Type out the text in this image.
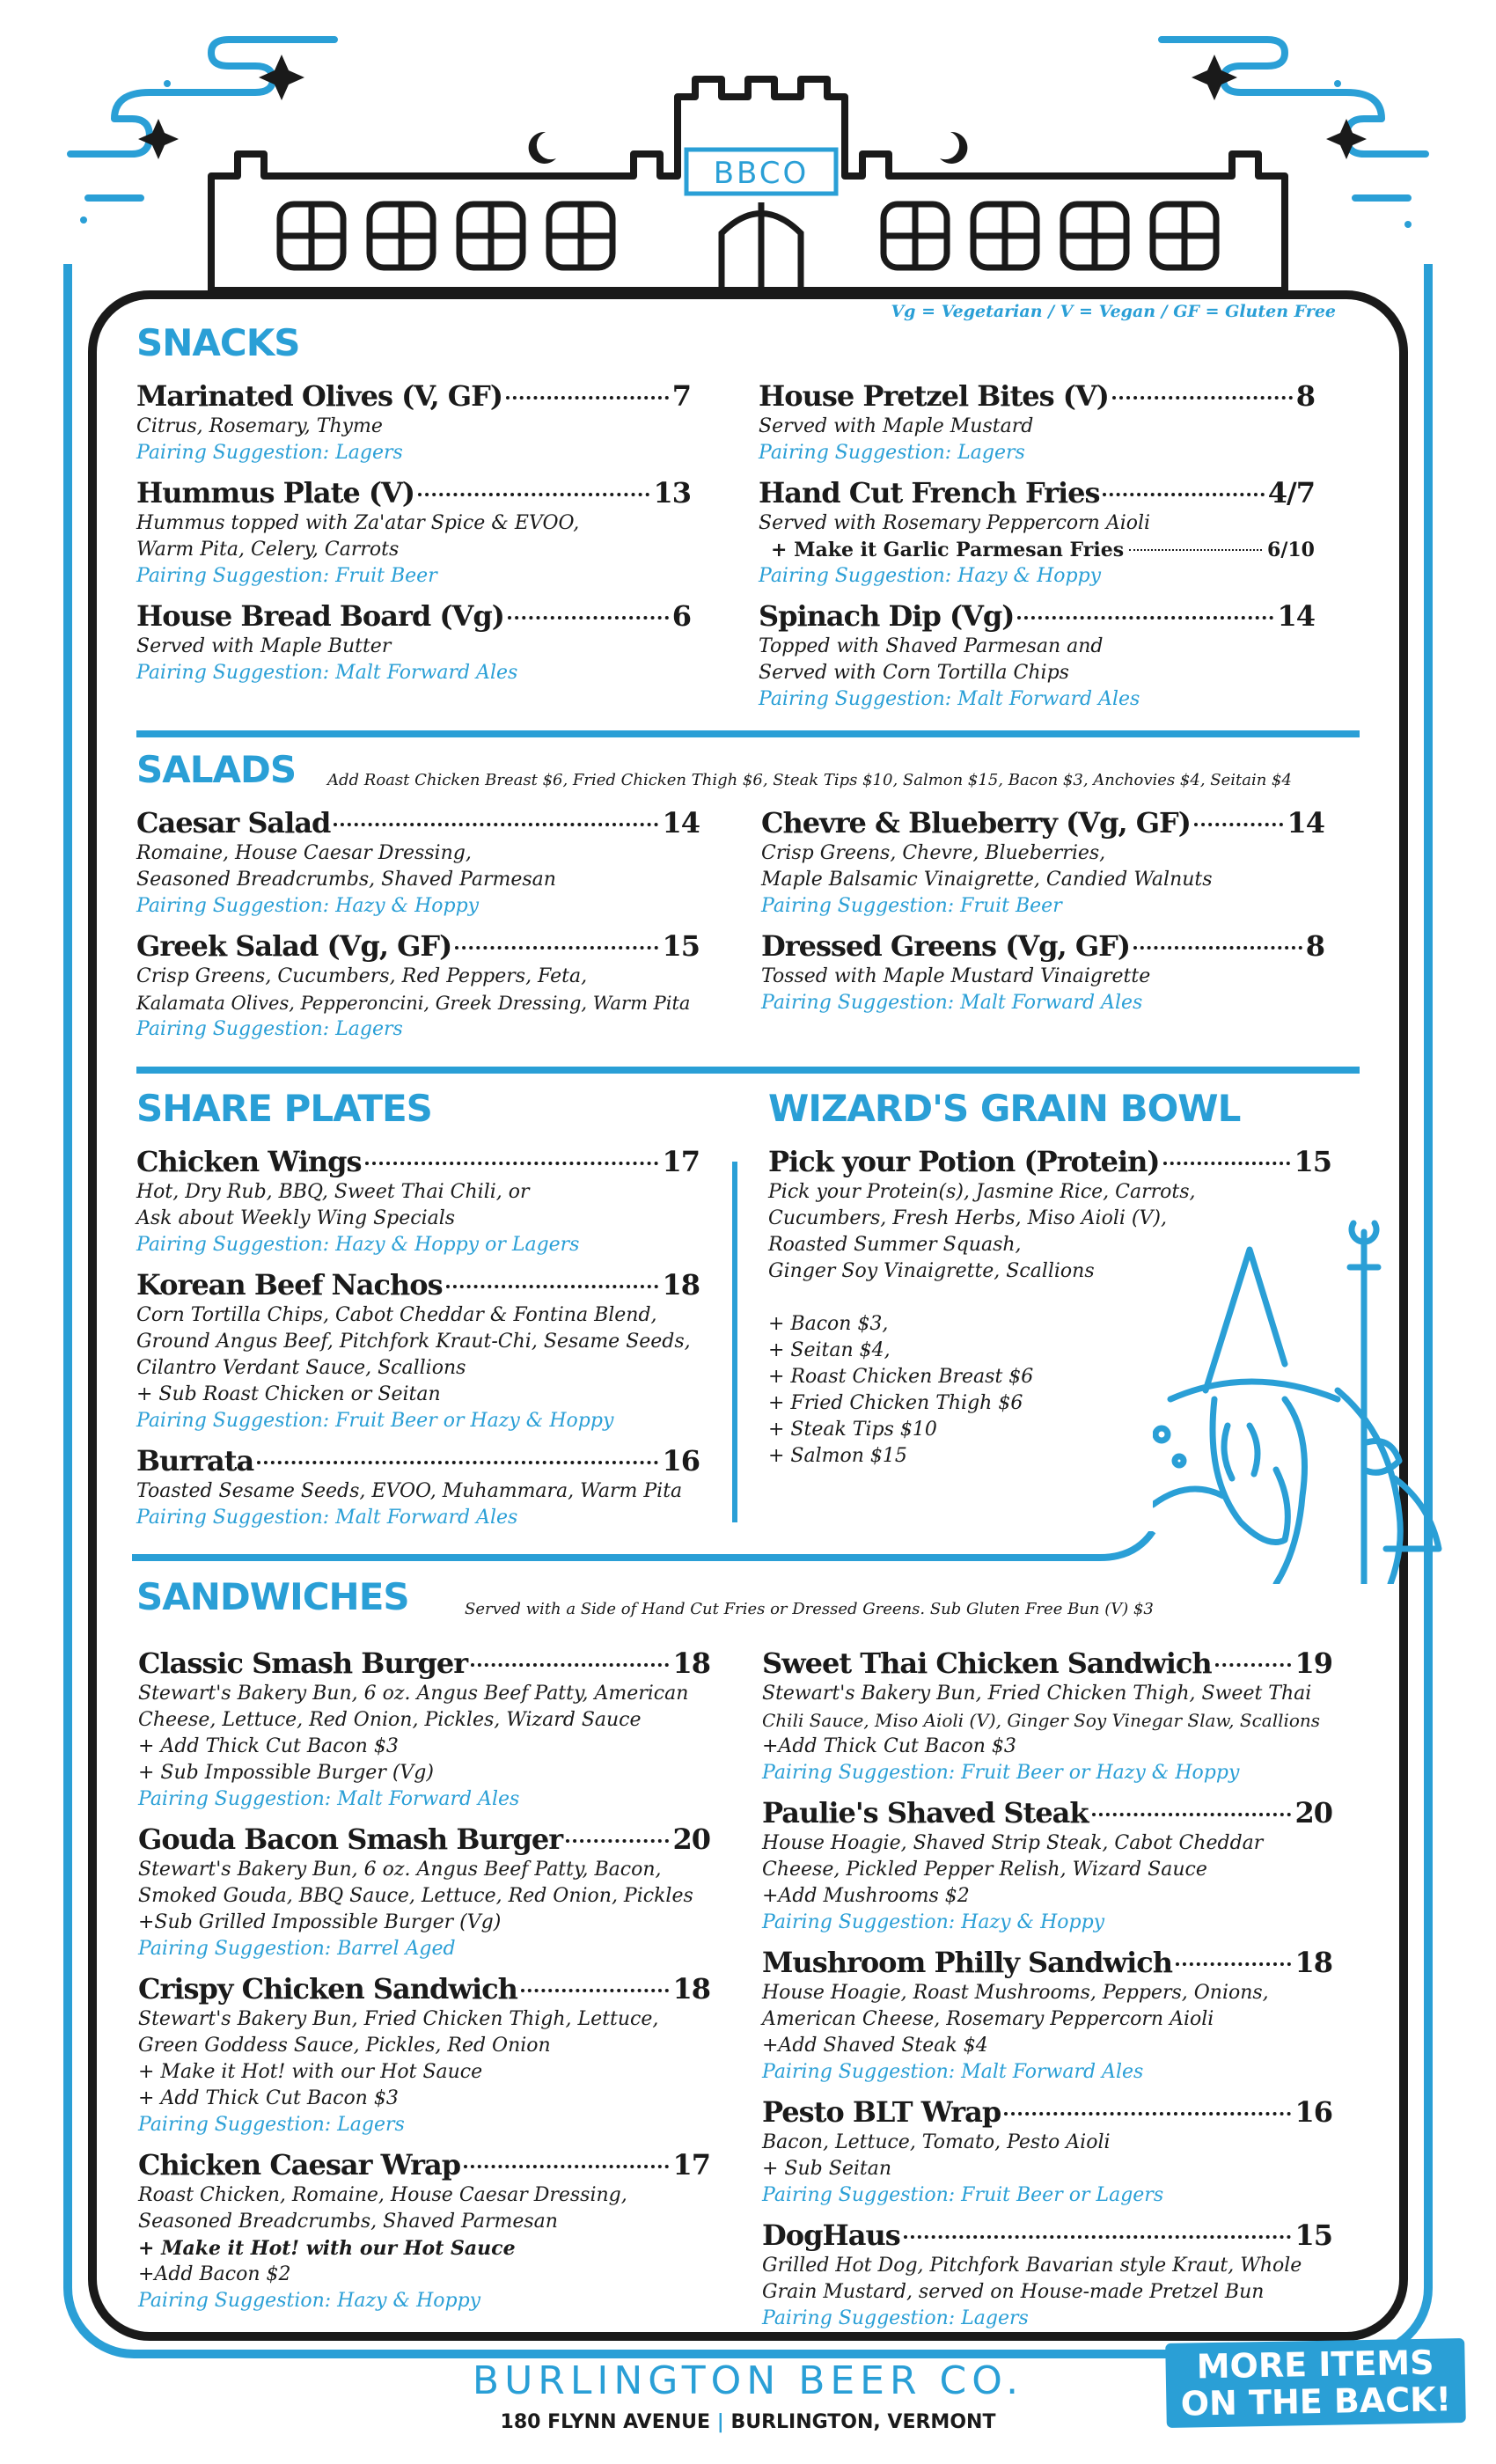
BBCO
Vg = Vegetarian / V = Vegan / GF = Gluten Free
SNACKS
Marinated Olives (V, GF)	7
Citrus, Rosemary, Thyme
Pairing Suggestion: Lagers
Hummus Plate (V)	13
Hummus topped with Za'atar Spice & EVOO,
Warm Pita, Celery, Carrots
Pairing Suggestion: Fruit Beer
House Bread Board (Vg)	6
Served with Maple Butter
Pairing Suggestion: Malt Forward Ales
House Pretzel Bites (V)	8
Served with Maple Mustard
Pairing Suggestion: Lagers
Hand Cut French Fries	4/7
Served with Rosemary Peppercorn Aioli
+ Make it Garlic Parmesan Fries	6/10
Pairing Suggestion: Hazy & Hoppy
Spinach Dip (Vg)	14
Topped with Shaved Parmesan and
Served with Corn Tortilla Chips
Pairing Suggestion: Malt Forward Ales
SALADS Add Roast Chicken Breast $6, Fried Chicken Thigh $6, Steak Tips $10, Salmon $15, Bacon $3, Anchovies $4, Seitain $4
Caesar Salad	14
Romaine, House Caesar Dressing,
Seasoned Breadcrumbs, Shaved Parmesan
Pairing Suggestion: Hazy & Hoppy
Greek Salad (Vg, GF)	15
Crisp Greens, Cucumbers, Red Peppers, Feta,
Kalamata Olives, Pepperoncini, Greek Dressing, Warm Pita
Pairing Suggestion: Lagers
Chevre & Blueberry (Vg, GF)	14
Crisp Greens, Chevre, Blueberries,
Maple Balsamic Vinaigrette, Candied Walnuts
Pairing Suggestion: Fruit Beer
Dressed Greens (Vg, GF)	8
Tossed with Maple Mustard Vinaigrette
Pairing Suggestion: Malt Forward Ales
SHARE PLATES
Chicken Wings	17
Hot, Dry Rub, BBQ, Sweet Thai Chili, or
Ask about Weekly Wing Specials
Pairing Suggestion: Hazy & Hoppy or Lagers
Korean Beef Nachos	18
Corn Tortilla Chips, Cabot Cheddar & Fontina Blend,
Ground Angus Beef, Pitchfork Kraut-Chi, Sesame Seeds,
Cilantro Verdant Sauce, Scallions
+ Sub Roast Chicken or Seitan
Pairing Suggestion: Fruit Beer or Hazy & Hoppy
Burrata	16
Toasted Sesame Seeds, EVOO, Muhammara, Warm Pita
Pairing Suggestion: Malt Forward Ales
WIZARD'S GRAIN BOWL
Pick your Potion (Protein)	15
Pick your Protein(s), Jasmine Rice, Carrots,
Cucumbers, Fresh Herbs, Miso Aioli (V),
Roasted Summer Squash,
Ginger Soy Vinaigrette, Scallions
+ Bacon $3,
+ Seitan $4,
+ Roast Chicken Breast $6
+ Fried Chicken Thigh $6
+ Steak Tips $10
+ Salmon $15
SANDWICHES	Served with a Side of Hand Cut Fries or Dressed Greens. Sub Gluten Free Bun (V) $3
Classic Smash Burger	18
Stewart's Bakery Bun, 6 oz. Angus Beef Patty, American
Cheese, Lettuce, Red Onion, Pickles, Wizard Sauce
+ Add Thick Cut Bacon $3
+ Sub Impossible Burger (Vg)
Pairing Suggestion: Malt Forward Ales
Gouda Bacon Smash Burger	20
Stewart's Bakery Bun, 6 oz. Angus Beef Patty, Bacon,
Smoked Gouda, BBQ Sauce, Lettuce, Red Onion, Pickles
+Sub Grilled Impossible Burger (Vg)
Pairing Suggestion: Barrel Aged
Crispy Chicken Sandwich	18
Stewart's Bakery Bun, Fried Chicken Thigh, Lettuce,
Green Goddess Sauce, Pickles, Red Onion
+ Make it Hot! with our Hot Sauce
+ Add Thick Cut Bacon $3
Pairing Suggestion: Lagers
Chicken Caesar Wrap	17
Roast Chicken, Romaine, House Caesar Dressing,
Seasoned Breadcrumbs, Shaved Parmesan
+ Make it Hot! with our Hot Sauce
+Add Bacon $2
Pairing Suggestion: Hazy & Hoppy
Sweet Thai Chicken Sandwich	19
Stewart's Bakery Bun, Fried Chicken Thigh, Sweet Thai
Chili Sauce, Miso Aioli (V), Ginger Soy Vinegar Slaw, Scallions
+Add Thick Cut Bacon $3
Pairing Suggestion: Fruit Beer or Hazy & Hoppy
Paulie's Shaved Steak	20
House Hoagie, Shaved Strip Steak, Cabot Cheddar
Cheese, Pickled Pepper Relish, Wizard Sauce
+Add Mushrooms $2
Pairing Suggestion: Hazy & Hoppy
Mushroom Philly Sandwich	18
House Hoagie, Roast Mushrooms, Peppers, Onions,
American Cheese, Rosemary Peppercorn Aioli
+Add Shaved Steak $4
Pairing Suggestion: Malt Forward Ales
Pesto BLT Wrap	16
Bacon, Lettuce, Tomato, Pesto Aioli
+ Sub Seitan
Pairing Suggestion: Fruit Beer or Lagers
DogHaus	15
Grilled Hot Dog, Pitchfork Bavarian style Kraut, Whole
Grain Mustard, served on House-made Pretzel Bun
Pairing Suggestion: Lagers
BURLINGTON BEER CO.
180 FLYNN AVENUE | BURLINGTON, VERMONT
MORE ITEMS
ON THE BACK!
